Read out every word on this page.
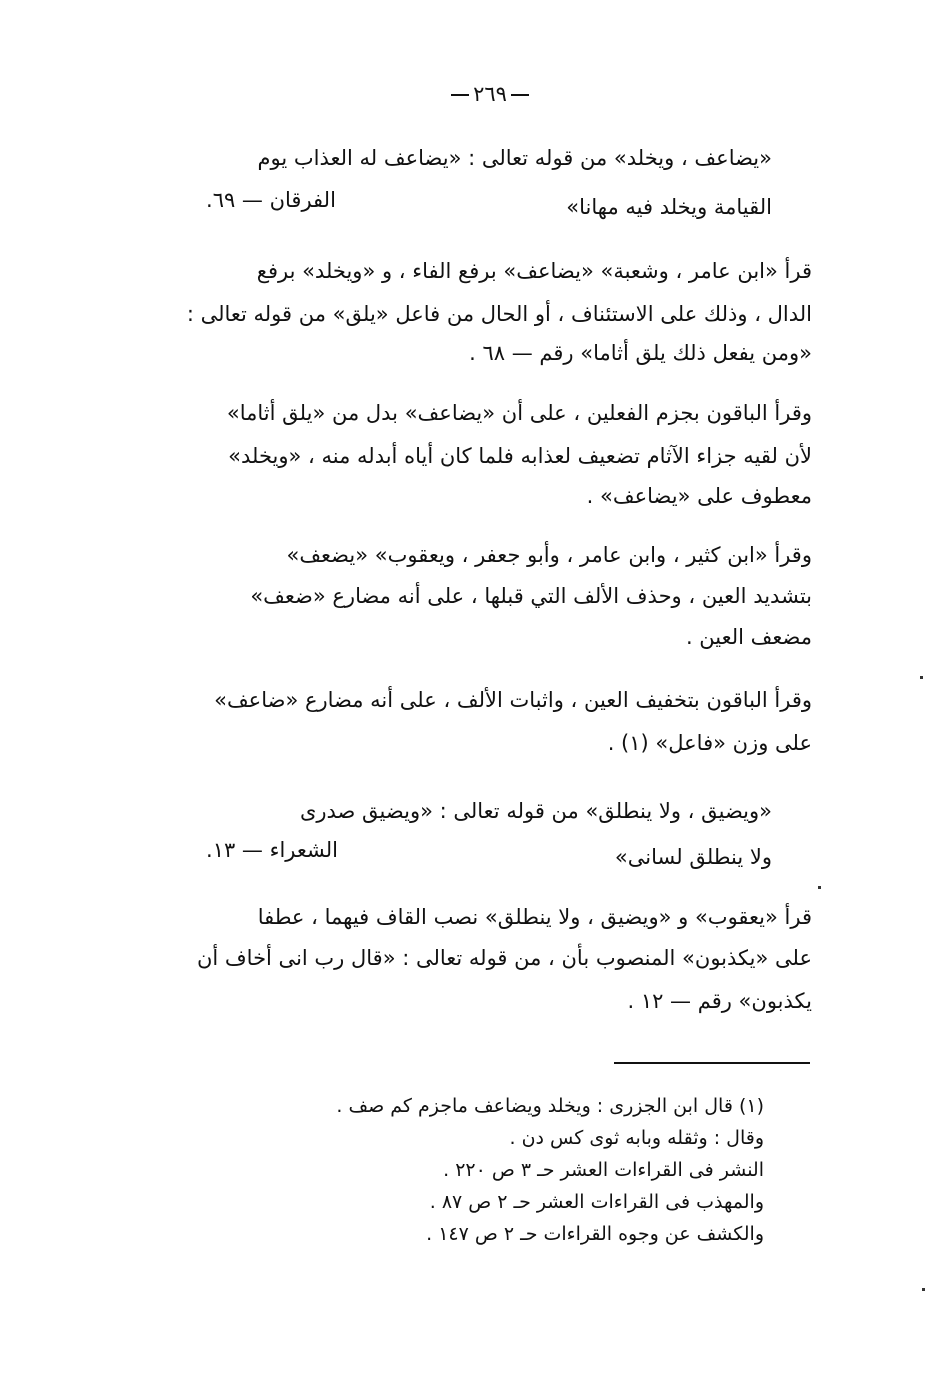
٢٦٩
«يضاعف ، ويخلد» من قوله تعالى : «يضاعف له العذاب يوم
القيامة ويخلد فيه مهانا»
الفرقان — ٦٩.
قرأ «ابن عامر ، وشعبة» «يضاعف» برفع الفاء ، و «ويخلد» برفع
الدال ، وذلك على الاستئناف ، أو الحال من فاعل «يلق» من قوله تعالى :
«ومن يفعل ذلك يلق أثاما» رقم — ٦٨ .
وقرأ الباقون بجزم الفعلين ، على أن «يضاعف» بدل من «يلق أثاما»
لأن لقيه جزاء الآثام تضعيف لعذابه فلما كان أياه أبدله منه ، «ويخلد»
معطوف على «يضاعف» .
وقرأ «ابن كثير ، وابن عامر ، وأبو جعفر ، ويعقوب» «يضعف»
بتشديد العين ، وحذف الألف التي قبلها ، على أنه مضارع «ضعف»
مضعف العين .
وقرأ الباقون بتخفيف العين ، واثبات الألف ، على أنه مضارع «ضاعف»
على وزن «فاعل» (١) .
«ويضيق ، ولا ينطلق» من قوله تعالى : «ويضيق صدرى
ولا ينطلق لسانى»
الشعراء — ١٣.
قرأ «يعقوب» و «ويضيق ، ولا ينطلق» نصب القاف فيهما ، عطفا
على «يكذبون» المنصوب بأن ، من قوله تعالى : «قال رب انى أخاف أن
يكذبون» رقم — ١٢ .
(١) قال ابن الجزرى : ويخلد ويضاعف ماجزم كم صف .
وقال : وثقله وبابه ثوى كس دن .
النشر فى القراءات العشر حـ ٣ ص ٢٢٠ .
والمهذب فى القراءات العشر حـ ٢ ص ٨٧ .
والكشف عن وجوه القراءات حـ ٢ ص ١٤٧ .
